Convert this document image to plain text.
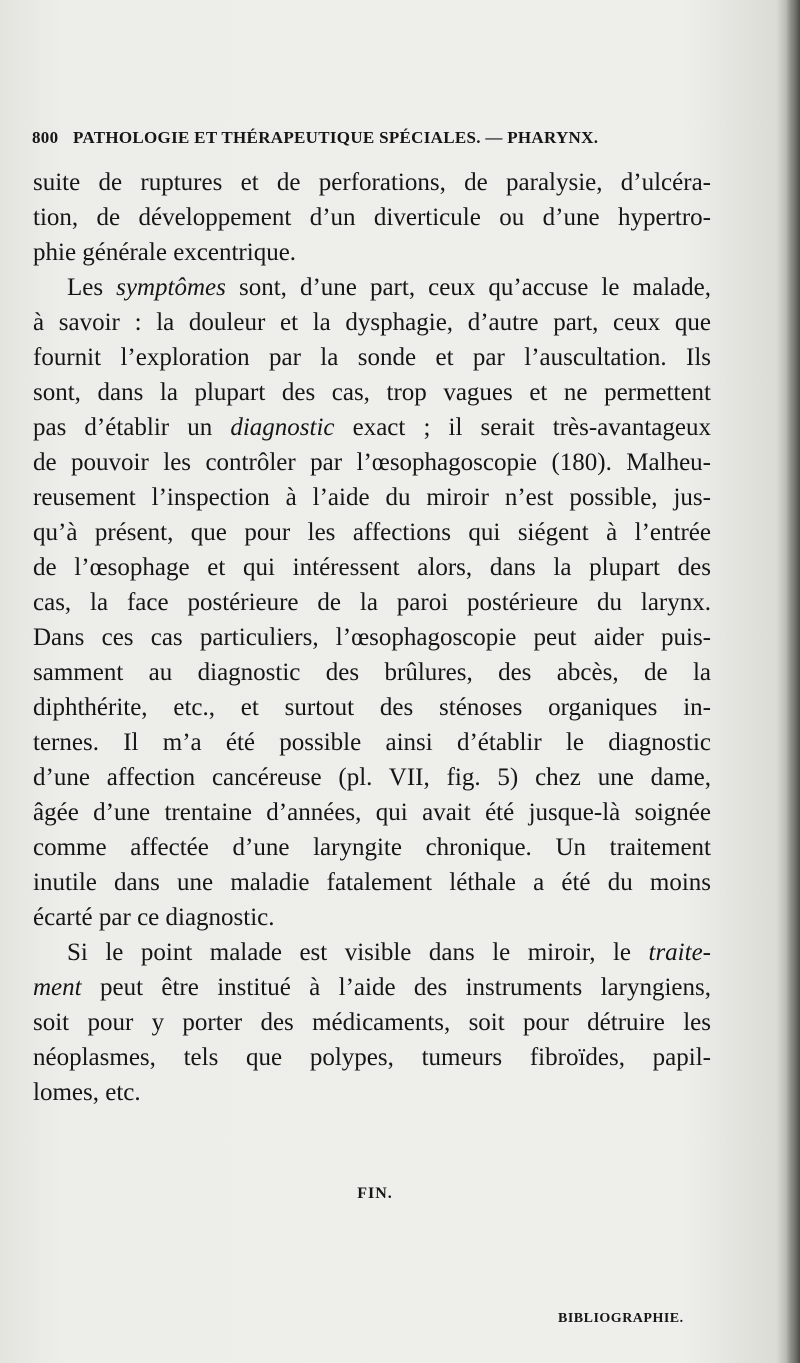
800 PATHOLOGIE ET THÉRAPEUTIQUE SPÉCIALES. — PHARYNX.
suite de ruptures et de perforations, de paralysie, d’ulcéra-
tion, de développement d’un diverticule ou d’une hypertro-
phie générale excentrique.
Les symptômes sont, d’une part, ceux qu’accuse le malade,
à savoir : la douleur et la dysphagie, d’autre part, ceux que
fournit l’exploration par la sonde et par l’auscultation. Ils
sont, dans la plupart des cas, trop vagues et ne permettent
pas d’établir un diagnostic exact ; il serait très-avantageux
de pouvoir les contrôler par l’œsophagoscopie (180). Malheu-
reusement l’inspection à l’aide du miroir n’est possible, jus-
qu’à présent, que pour les affections qui siégent à l’entrée
de l’œsophage et qui intéressent alors, dans la plupart des
cas, la face postérieure de la paroi postérieure du larynx.
Dans ces cas particuliers, l’œsophagoscopie peut aider puis-
samment au diagnostic des brûlures, des abcès, de la
diphthérite, etc., et surtout des sténoses organiques in-
ternes. Il m’a été possible ainsi d’établir le diagnostic
d’une affection cancéreuse (pl. VII, fig. 5) chez une dame,
âgée d’une trentaine d’années, qui avait été jusque-là soignée
comme affectée d’une laryngite chronique. Un traitement
inutile dans une maladie fatalement léthale a été du moins
écarté par ce diagnostic.
Si le point malade est visible dans le miroir, le traite-
ment peut être institué à l’aide des instruments laryngiens,
soit pour y porter des médicaments, soit pour détruire les
néoplasmes, tels que polypes, tumeurs fibroïdes, papil-
lomes, etc.
FIN.
BIBLIOGRAPHIE.
